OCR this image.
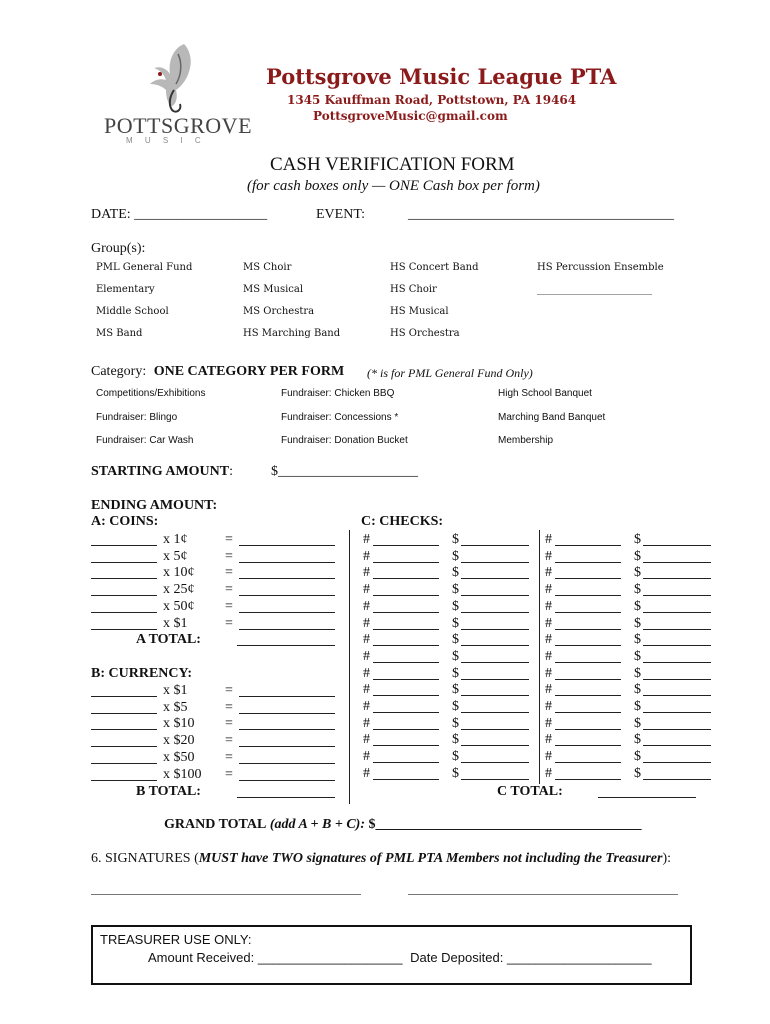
POTTSGROVE
M U S I C
Pottsgrove Music League PTA
1345 Kauffman Road, Pottstown, PA 19464
PottsgroveMusic@gmail.com
CASH VERIFICATION FORM
(for cash boxes only — ONE Cash box per form)
DATE: ___________________	EVENT:	______________________________________
Group(s):
Category: ONE CATEGORY PER FORM (* is for PML General Fund Only)
STARTING AMOUNT:	$____________________
ENDING AMOUNT:
A: COINS:
A TOTAL:
B: CURRENCY:
B TOTAL:
C: CHECKS:
C TOTAL:
GRAND TOTAL (add A + B + C): $______________________________________
6. SIGNATURES (MUST have TWO signatures of PML PTA Members not including the Treasurer):
TREASURER USE ONLY:
Amount Received: ____________________ Date Deposited: ____________________
PML General Fund	MS Choir	HS Concert Band	HS Percussion Ensemble
Elementary	MS Musical	HS Choir	_______________________
Middle School	MS Orchestra	HS Musical
MS Band	HS Marching Band	HS Orchestra
Competitions/Exhibitions	Fundraiser: Chicken BBQ	High School Banquet
Fundraiser: Blingo	Fundraiser: Concessions *	Marching Band Banquet
Fundraiser: Car Wash	Fundraiser: Donation Bucket	Membership
x 1¢	=
x 5¢	=
x 10¢ =
x 25¢ =
x 50¢ =
x $1	=
x $1	=
x $5	=
x $10 =
x $20 =
x $50 =
x $100 =
#	$	#	$
#	$	#	$
#	$	#	$
#	$	#	$
#	$	#	$
#	$	#	$
#	$	#	$
#	$	#	$
#	$	#	$
#	$	#	$
#	$	#	$
#	$	#	$
#	$	#	$
#	$	#	$
#	$	#	$
